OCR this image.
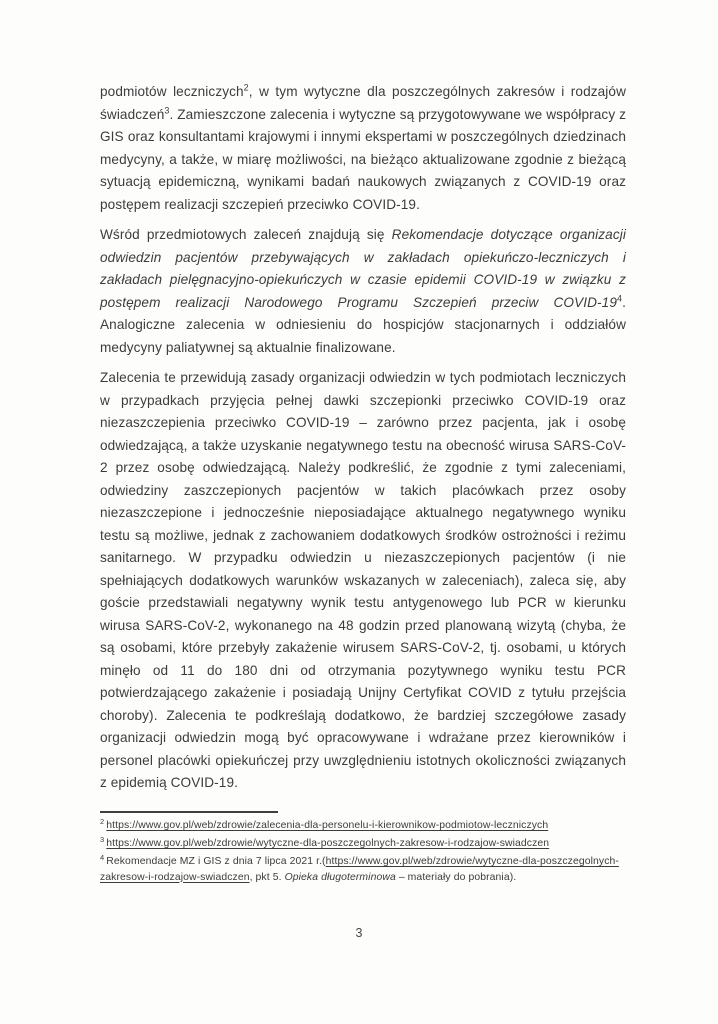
podmiotów leczniczych$^2$, w tym wytyczne dla poszczególnych zakresów i rodzajów świadczeń$^3$. Zamieszczone zalecenia i wytyczne są przygotowywane we współpracy z GIS oraz konsultantami krajowymi i innymi ekspertami w poszczególnych dziedzinach medycyny, a także, w miarę możliwości, na bieżąco aktualizowane zgodnie z bieżącą sytuacją epidemiczną, wynikami badań naukowych związanych z COVID-19 oraz postępem realizacji szczepień przeciwko COVID-19.

Wśród przedmiotowych zaleceń znajdują się Rekomendacje dotyczące organizacji odwiedzin pacjentów przebywających w zakładach opiekuńczo-leczniczych i zakładach pielęgnacyjno-opiekuńczych w czasie epidemii COVID-19 w związku z postępem realizacji Narodowego Programu Szczepień przeciw COVID-$19^4$. Analogiczne zalecenia w odniesieniu do hospicjów stacjonarnych i oddziałów medycyny paliatywnej są aktualnie finalizowane.

Zalecenia te przewidują zasady organizacji odwiedzin w tych podmiotach leczniczych w przypadkach przyjęcia pełnej dawki szczepionki przeciwko COVID-19 oraz niezaszczepienia przeciwko COVID-19 – zarówno przez pacjenta, jak i osobę odwiedzającą, a także uzyskanie negatywnego testu na obecność wirusa SARS-CoV-2 przez osobę odwiedzającą. Należy podkreślić, że zgodnie z tymi zaleceniami, odwiedziny zaszczepionych pacjentów w takich placówkach przez osoby niezaszczepione i jednocześnie nieposiadające aktualnego negatywnego wyniku testu są możliwe, jednak z zachowaniem dodatkowych środków ostrożności i reżimu sanitarnego. W przypadku odwiedzin u niezaszczepionych pacjentów (i nie spełniających dodatkowych warunków wskazanych w zaleceniach), zaleca się, aby goście przedstawiali negatywny wynik testu antygenowego lub PCR w kierunku wirusa SARS-CoV-2, wykonanego na 48 godzin przed planowaną wizytą (chyba, że są osobami, które przebyły zakażenie wirusem SARS-CoV-2, tj. osobami, u których minęło od 11 do 180 dni od otrzymania pozytywnego wyniku testu PCR potwierdzającego zakażenie i posiadają Unijny Certyfikat COVID z tytułu przejścia choroby). Zalecenia te podkreślają dodatkowo, że bardziej szczegółowe zasady organizacji odwiedzin mogą być opracowywane i wdrażane przez kierowników i personel placówki opiekuńczej przy uwzględnieniu istotnych okoliczności związanych z epidemią COVID-19.

$^2$ https://www.gov.pl/web/zdrowie/zalecenia-dla-personelu-i-kierownikow-podmiotow-leczniczych

$^3$ https://www.gov.pl/web/zdrowie/wytyczne-dla-poszczegolnych-zakresow-i-rodzajow-swiadczen

$^4$ Rekomendacje MZ i GIS z dnia 7 lipca 2021 r.(https://www.gov.pl/web/zdrowie/wytyczne-dla-poszczegolnych-zakresow-i-rodzajow-swiadczen, pkt 5. Opieka długoterminowa – materiały do pobrania).

3
